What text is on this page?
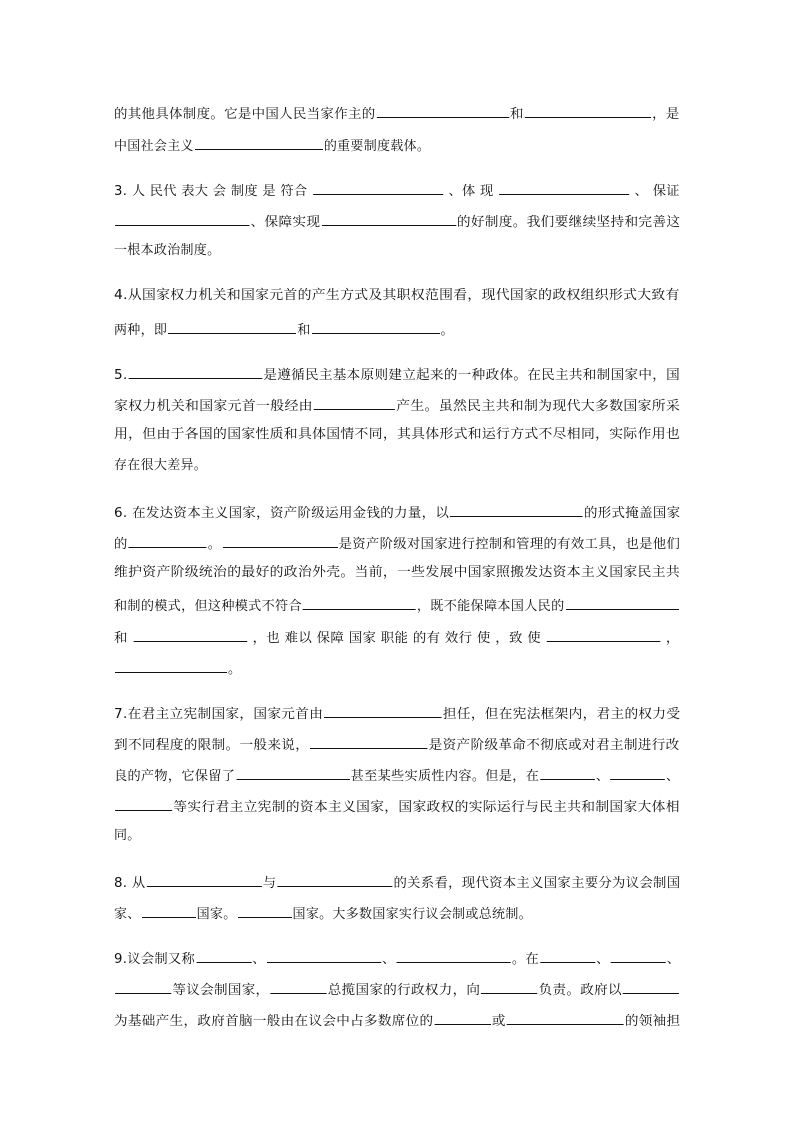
的其他具体制度。它是中国人民当家作主的	和	，是
中国社会主义	的重要制度载体。
3. 人 民代 表大 会 制度 是 符合	、体 现	、 保证
、保障实现	的好制度。我们要继续坚持和完善这
一根本政治制度。
4.从国家权力机关和国家元首的产生方式及其职权范围看，现代国家的政权组织形式大致有
两种，即	和	。
5.	是遵循民主基本原则建立起来的一种政体。在民主共和制国家中，国
家权力机关和国家元首一般经由	产生。虽然民主共和制为现代大多数国家所采
用，但由于各国的国家性质和具体国情不同，其具体形式和运行方式不尽相同，实际作用也
存在很大差异。
6. 在发达资本主义国家，资产阶级运用金钱的力量，以	的形式掩盖国家
的	。	是资产阶级对国家进行控制和管理的有效工具，也是他们
维护资产阶级统治的最好的政治外壳。当前，一些发展中国家照搬发达资本主义国家民主共
和制的模式，但这种模式不符合	，既不能保障本国人民的
和	，也 难以 保障 国家 职能 的有 效行 使 ，致 使	，
。
7.在君主立宪制国家，国家元首由	担任，但在宪法框架内，君主的权力受
到不同程度的限制。一般来说，	是资产阶级革命不彻底或对君主制进行改
良的产物，它保留了	甚至某些实质性内容。但是，在	、	、
等实行君主立宪制的资本主义国家，国家政权的实际运行与民主共和制国家大体相
同。
8. 从	与	的关系看，现代资本主义国家主要分为议会制国
家、	国家。	国家。大多数国家实行议会制或总统制。
9.议会制又称	、	、	。在	、	、
等议会制国家，	总揽国家的行政权力，向	负责。政府以
为基础产生，政府首脑一般由在议会中占多数席位的	或	的领袖担
